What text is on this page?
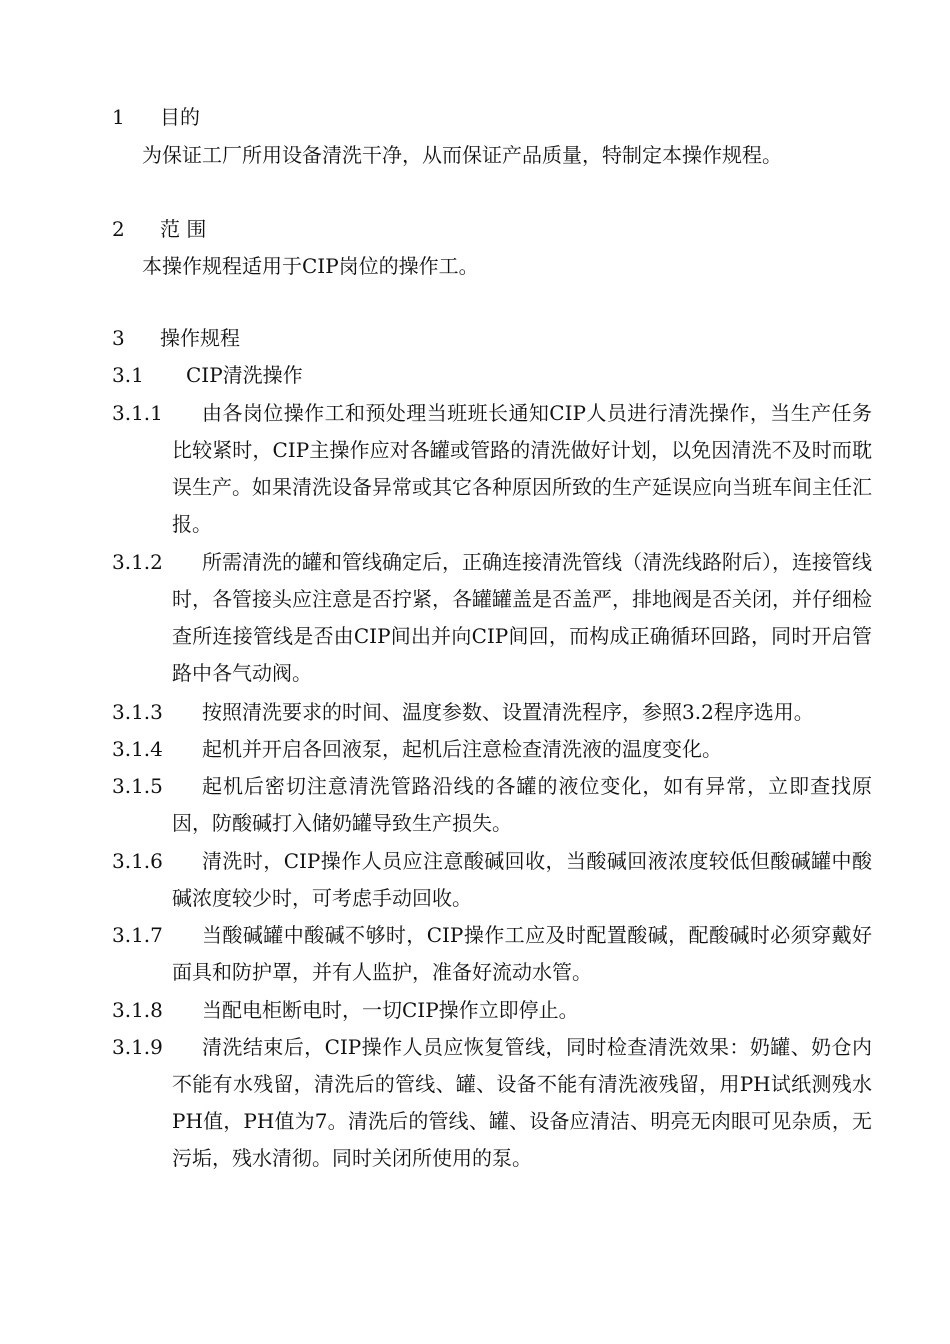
1	目的
为保证工厂所用设备清洗干净，从而保证产品质量，特制定本操作规程。
2	范 围
本操作规程适用于CIP岗位的操作工。
3	操作规程
3.1	CIP清洗操作
3.1.1	由各岗位操作工和预处理当班班长通知CIP人员进行清洗操作，当生产任务比较紧时，CIP主操作应对各罐或管路的清洗做好计划，以免因清洗不及时而耽误生产。如果清洗设备异常或其它各种原因所致的生产延误应向当班车间主任汇报。
3.1.2	所需清洗的罐和管线确定后，正确连接清洗管线（清洗线路附后），连接管线时，各管接头应注意是否拧紧，各罐罐盖是否盖严，排地阀是否关闭，并仔细检查所连接管线是否由CIP间出并向CIP间回，而构成正确循环回路，同时开启管路中各气动阀。
3.1.3	按照清洗要求的时间、温度参数、设置清洗程序，参照3.2程序选用。
3.1.4	起机并开启各回液泵，起机后注意检查清洗液的温度变化。
3.1.5	起机后密切注意清洗管路沿线的各罐的液位变化，如有异常，立即查找原因，防酸碱打入储奶罐导致生产损失。
3.1.6	清洗时，CIP操作人员应注意酸碱回收，当酸碱回液浓度较低但酸碱罐中酸碱浓度较少时，可考虑手动回收。
3.1.7	当酸碱罐中酸碱不够时，CIP操作工应及时配置酸碱，配酸碱时必须穿戴好面具和防护罩，并有人监护，准备好流动水管。
3.1.8	当配电柜断电时，一切CIP操作立即停止。
3.1.9	清洗结束后，CIP操作人员应恢复管线，同时检查清洗效果：奶罐、奶仓内不能有水残留，清洗后的管线、罐、设备不能有清洗液残留，用PH试纸测残水PH值，PH值为7。清洗后的管线、罐、设备应清洁、明亮无肉眼可见杂质，无污垢，残水清彻。同时关闭所使用的泵。
